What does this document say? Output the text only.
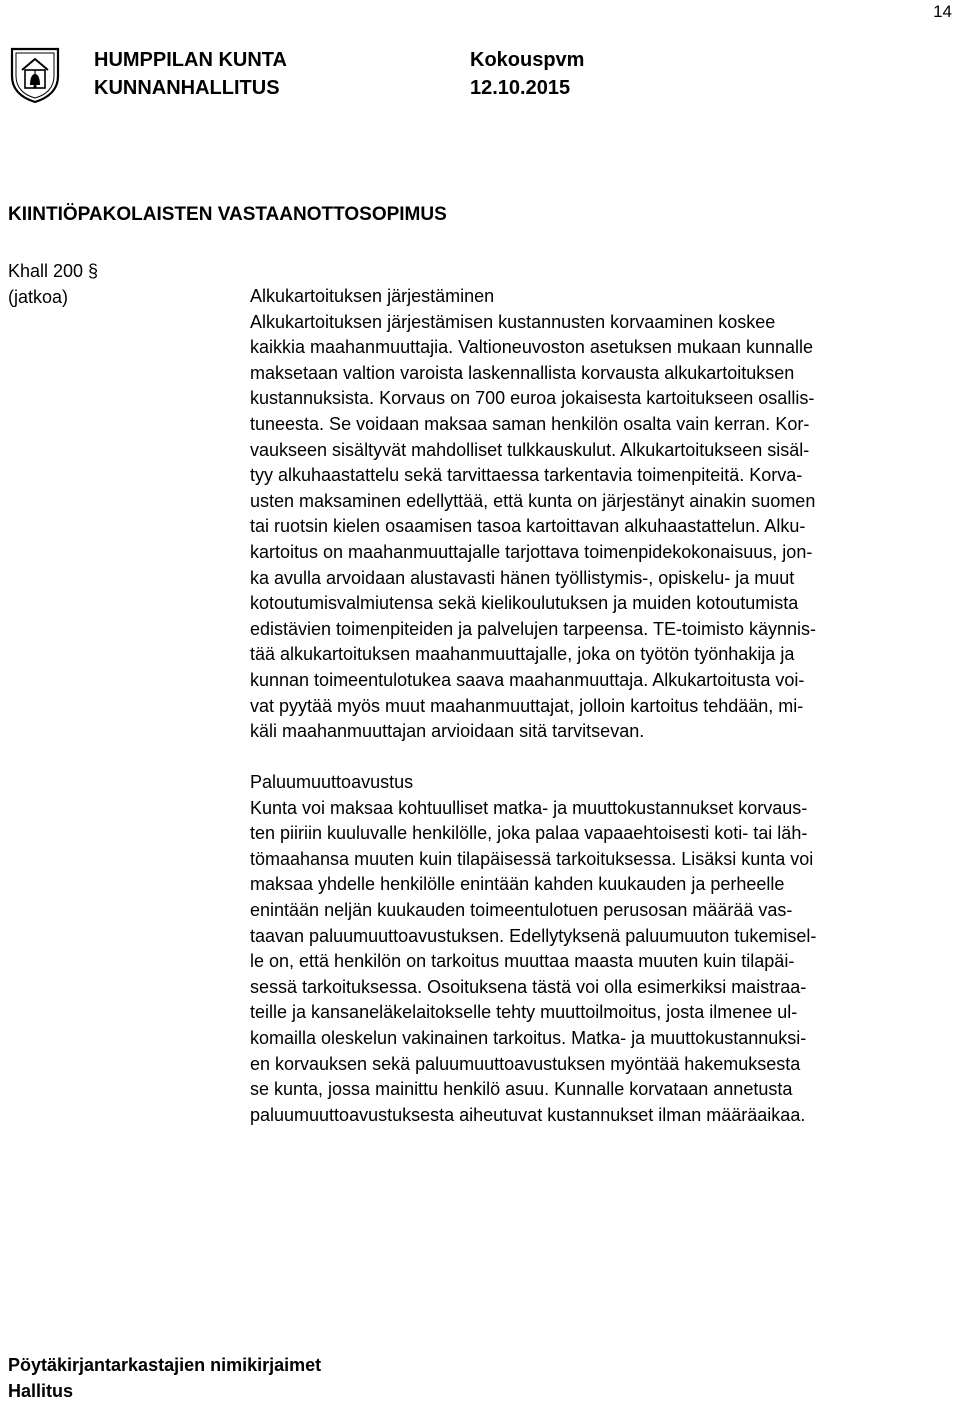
14
HUMPPILAN KUNTA
KUNNANHALLITUS
Kokouspvm
12.10.2015
KIINTIÖPAKOLAISTEN VASTAANOTTOSOPIMUS
Khall 200 §
(jatkoa)	Alkukartoituksen järjestäminen
Alkukartoituksen järjestämisen kustannusten korvaaminen koskee
kaikkia maahanmuuttajia. Valtioneuvoston asetuksen mukaan kunnalle
maksetaan valtion varoista laskennallista korvausta alkukartoituksen
kustannuksista. Korvaus on 700 euroa jokaisesta kartoitukseen osallis-
tuneesta. Se voidaan maksaa saman henkilön osalta vain kerran. Kor-
vaukseen sisältyvät mahdolliset tulkkauskulut. Alkukartoitukseen sisäl-
tyy alkuhaastattelu sekä tarvittaessa tarkentavia toimenpiteitä. Korva-
usten maksaminen edellyttää, että kunta on järjestänyt ainakin suomen
tai ruotsin kielen osaamisen tasoa kartoittavan alkuhaastattelun. Alku-
kartoitus on maahanmuuttajalle tarjottava toimenpidekokonaisuus, jon-
ka avulla arvoidaan alustavasti hänen työllistymis-, opiskelu- ja muut
kotoutumisvalmiutensa sekä kielikoulutuksen ja muiden kotoutumista
edistävien toimenpiteiden ja palvelujen tarpeensa. TE-toimisto käynnis-
tää alkukartoituksen maahanmuuttajalle, joka on työtön työnhakija ja
kunnan toimeentulotukea saava maahanmuuttaja. Alkukartoitusta voi-
vat pyytää myös muut maahanmuuttajat, jolloin kartoitus tehdään, mi-
käli maahanmuuttajan arvioidaan sitä tarvitsevan.
Paluumuuttoavustus
Kunta voi maksaa kohtuulliset matka- ja muuttokustannukset korvaus-
ten piiriin kuuluvalle henkilölle, joka palaa vapaaehtoisesti koti- tai läh-
tömaahansa muuten kuin tilapäisessä tarkoituksessa. Lisäksi kunta voi
maksaa yhdelle henkilölle enintään kahden kuukauden ja perheelle
enintään neljän kuukauden toimeentulotuen perusosan määrää vas-
taavan paluumuuttoavustuksen. Edellytyksenä paluumuuton tukemisel-
le on, että henkilön on tarkoitus muuttaa maasta muuten kuin tilapäi-
sessä tarkoituksessa. Osoituksena tästä voi olla esimerkiksi maistraa-
teille ja kansaneläkelaitokselle tehty muuttoilmoitus, josta ilmenee ul-
komailla oleskelun vakinainen tarkoitus. Matka- ja muuttokustannuksi-
en korvauksen sekä paluumuuttoavustuksen myöntää hakemuksesta
se kunta, jossa mainittu henkilö asuu. Kunnalle korvataan annetusta
paluumuuttoavustuksesta aiheutuvat kustannukset ilman määräaikaa.
Pöytäkirjantarkastajien nimikirjaimet
Hallitus
